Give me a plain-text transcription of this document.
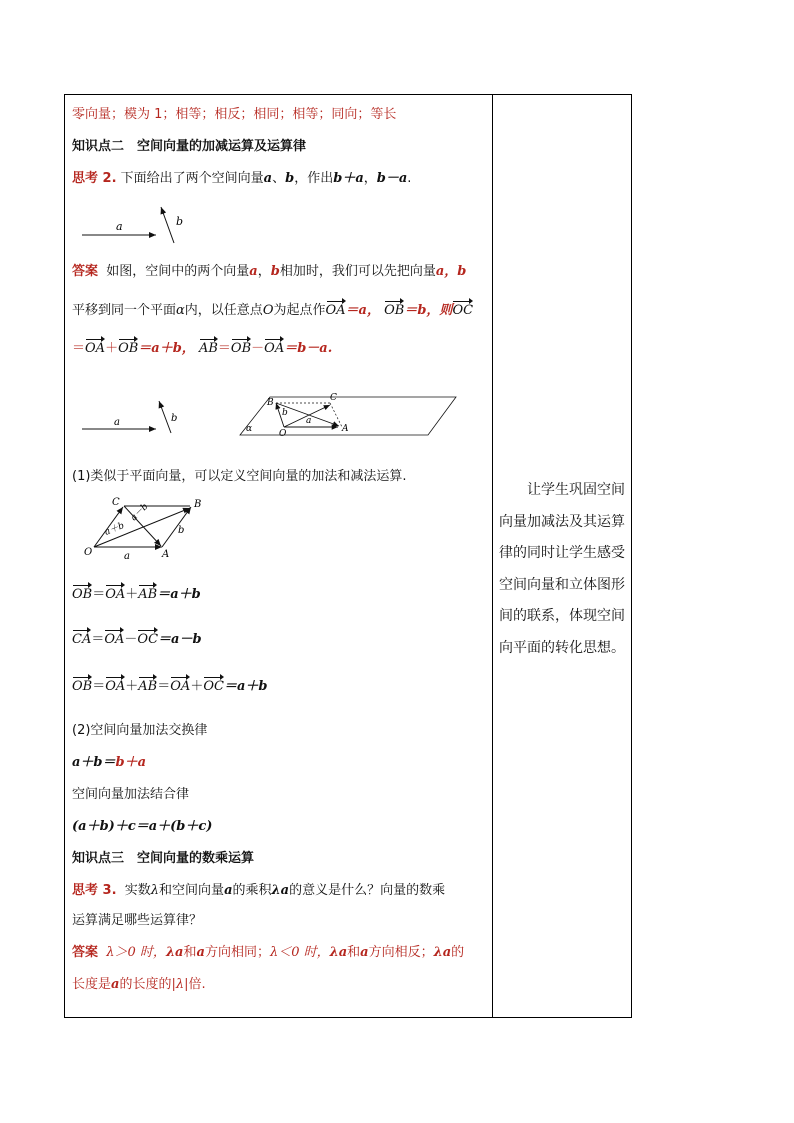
零向量；模为 1；相等；相反；相同；相等；同向；等长
知识点二　空间向量的加减运算及运算律
思考 2. 下面给出了两个空间向量a、b，作出b＋a，b－a.
a	b
答案 如图，空间中的两个向量a，b相加时，我们可以先把向量a，b
平移到同一个平面α内，以任意点O为起点作OA＝a， OB＝b，则OC
＝OA＋OB＝a＋b， AB＝OB－OA＝b－a.
a	b
B	C
O	A
α
a
b
(1)类似于平面向量，可以定义空间向量的加法和减法运算.
C	B
O	A
a
b
a－b
a＋b
OB＝OA＋AB＝a＋b
CA＝OA－OC＝a－b
OB＝OA＋AB＝OA＋OC＝a＋b
(2)空间向量加法交换律
a＋b＝b＋a
空间向量加法结合律
(a＋b)＋c＝a＋(b＋c)
知识点三　空间向量的数乘运算
思考 3. 实数λ和空间向量a的乘积λa的意义是什么？向量的数乘
运算满足哪些运算律？
答案 λ＞0 时，λa和a方向相同；λ＜0 时，λa和a方向相反；λa的
长度是a的长度的|λ|倍.
让学生巩固空间向量加减法及其运算律的同时让学生感受空间向量和立体图形间的联系，体现空间向平面的转化思想。
